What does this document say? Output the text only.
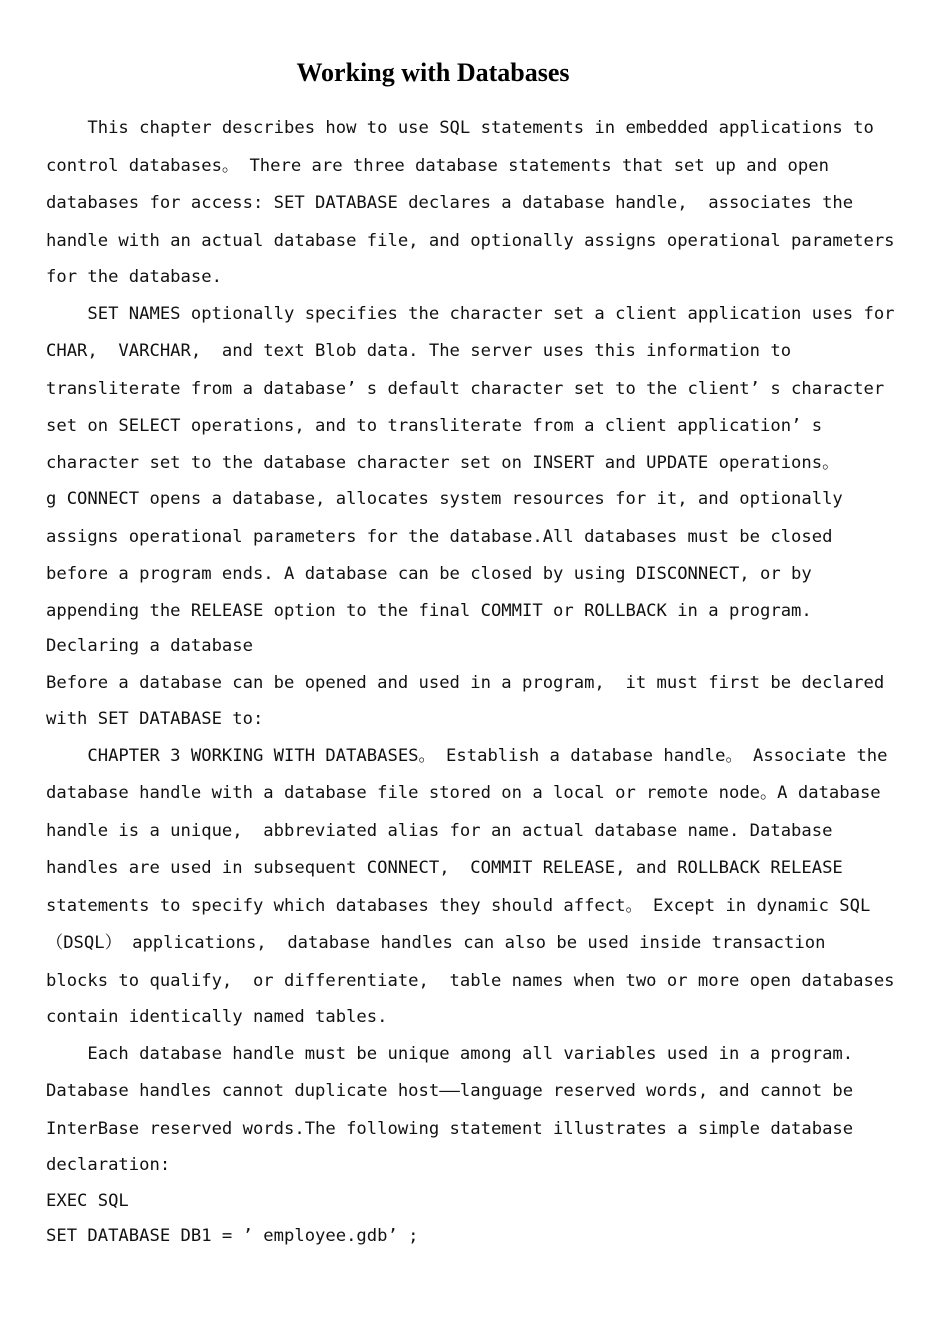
Working with Databases
This chapter describes how to use SQL statements in embedded applications to
control databases。 There are three database statements that set up and open
databases for access: SET DATABASE declares a database handle,  associates the
handle with an actual database file, and optionally assigns operational parameters
for the database.
SET NAMES optionally specifies the character set a client application uses for
CHAR,  VARCHAR,  and text Blob data. The server uses this information to
transliterate from a database’ s default character set to the client’ s character
set on SELECT operations, and to transliterate from a client application’ s
character set to the database character set on INSERT and UPDATE operations。
g CONNECT opens a database, allocates system resources for it, and optionally
assigns operational parameters for the database.All databases must be closed
before a program ends. A database can be closed by using DISCONNECT, or by
appending the RELEASE option to the final COMMIT or ROLLBACK in a program.
Declaring a database
Before a database can be opened and used in a program,  it must first be declared
with SET DATABASE to:
CHAPTER 3 WORKING WITH DATABASES。 Establish a database handle。 Associate the
database handle with a database file stored on a local or remote node。A database
handle is a unique,  abbreviated alias for an actual database name. Database
handles are used in subsequent CONNECT,  COMMIT RELEASE, and ROLLBACK RELEASE
statements to specify which databases they should affect。 Except in dynamic SQL
（DSQL） applications,  database handles can also be used inside transaction
blocks to qualify,  or differentiate,  table names when two or more open databases
contain identically named tables.
Each database handle must be unique among all variables used in a program.
Database handles cannot duplicate host——language reserved words, and cannot be
InterBase reserved words.The following statement illustrates a simple database
declaration:
EXEC SQL
SET DATABASE DB1 = ’ employee.gdb’ ;
